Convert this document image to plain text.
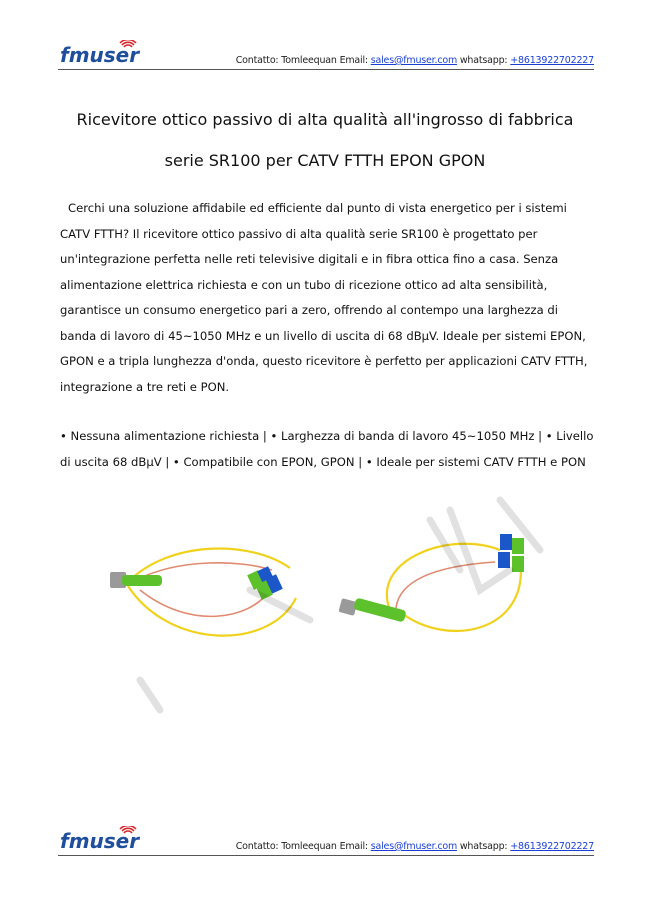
fmuser	Contatto: Tomleequan Email: sales@fmuser.com whatsapp: +8613922702227
Ricevitore ottico passivo di alta qualità all'ingrosso di fabbrica
serie SR100 per CATV FTTH EPON GPON
Cerchi una soluzione affidabile ed efficiente dal punto di vista energetico per i sistemi CATV FTTH? Il ricevitore ottico passivo di alta qualità serie SR100 è progettato per un'integrazione perfetta nelle reti televisive digitali e in fibra ottica fino a casa. Senza alimentazione elettrica richiesta e con un tubo di ricezione ottico ad alta sensibilità, garantisce un consumo energetico pari a zero, offrendo al contempo una larghezza di banda di lavoro di 45~1050 MHz e un livello di uscita di 68 dBµV. Ideale per sistemi EPON, GPON e a tripla lunghezza d'onda, questo ricevitore è perfetto per applicazioni CATV FTTH, integrazione a tre reti e PON.
• Nessuna alimentazione richiesta | • Larghezza di banda di lavoro 45~1050 MHz | • Livello di uscita 68 dBµV | • Compatibile con EPON, GPON | • Ideale per sistemi CATV FTTH e PON
fmuser	Contatto: Tomleequan Email: sales@fmuser.com whatsapp: +8613922702227
